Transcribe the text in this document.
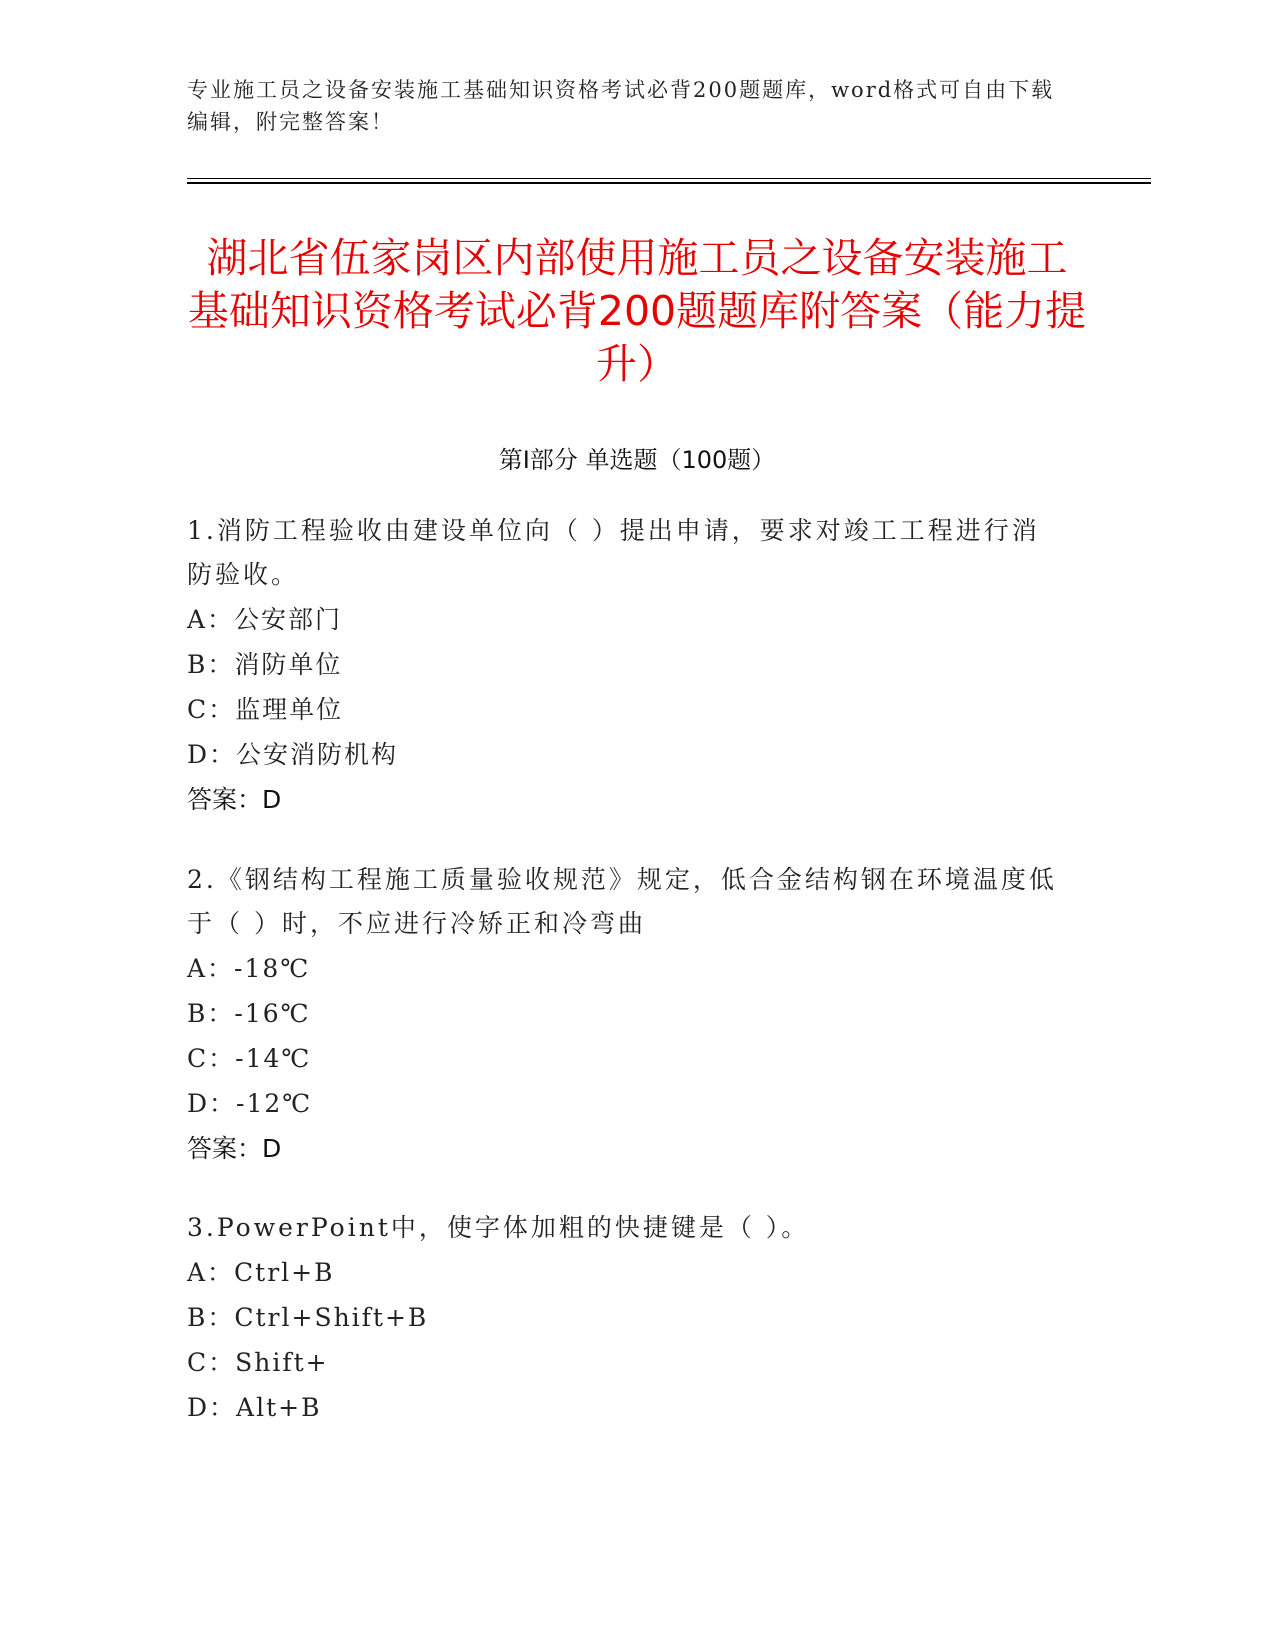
专业施工员之设备安装施工基础知识资格考试必背200题题库，word格式可自由下载编辑，附完整答案！
湖北省伍家岗区内部使用施工员之设备安装施工基础知识资格考试必背200题题库附答案（能力提升）
第Ⅰ部分 单选题（100题）
1.消防工程验收由建设单位向（ ）提出申请，要求对竣工工程进行消防验收。
A：公安部门
B：消防单位
C：监理单位
D：公安消防机构
答案：D
2.《钢结构工程施工质量验收规范》规定，低合金结构钢在环境温度低于（ ）时，不应进行冷矫正和冷弯曲
A：-18℃
B：-16℃
C：-14℃
D：-12℃
答案：D
3.PowerPoint中，使字体加粗的快捷键是（ ）。
A：Ctrl+B
B：Ctrl+Shift+B
C：Shift+
D：Alt+B
